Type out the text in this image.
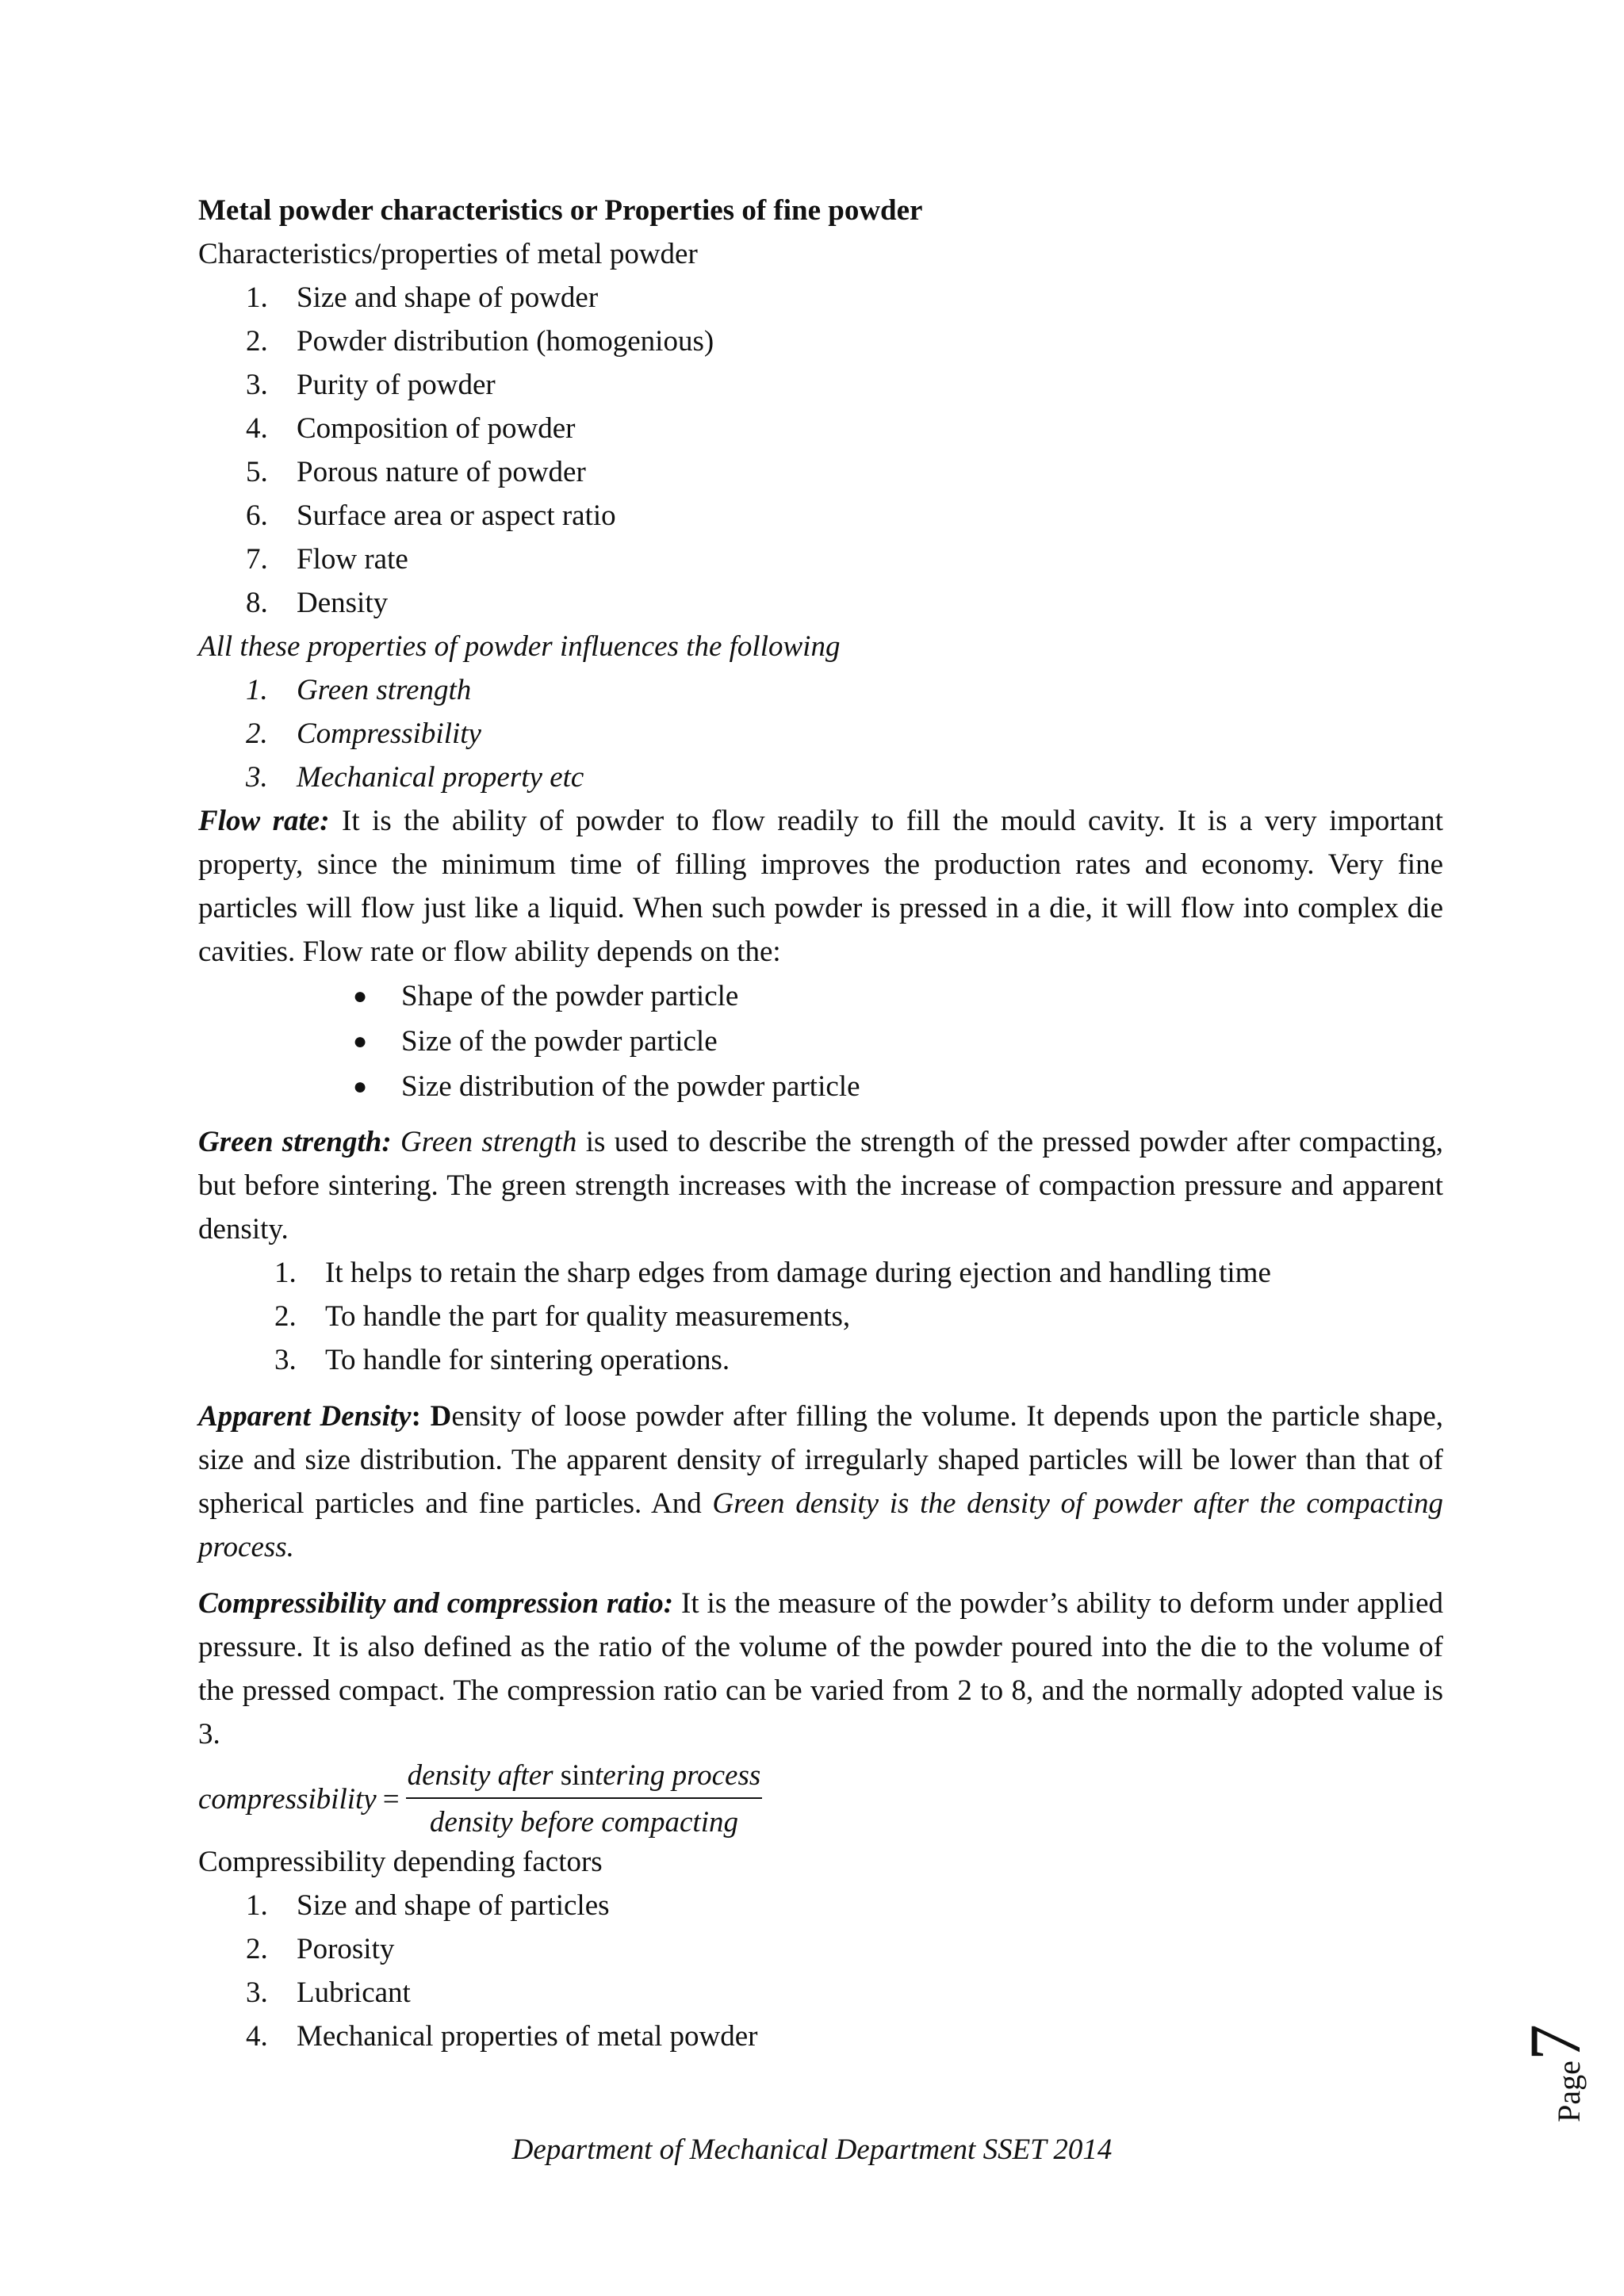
Metal powder characteristics or Properties of fine powder

Characteristics/properties of metal powder

1. Size and shape of powder
2. Powder distribution (homogenious)
3. Purity of powder
4. Composition of powder
5. Porous nature of powder
6. Surface area or aspect ratio
7. Flow rate
8. Density

All these properties of powder influences the following

1. Green strength
2. Compressibility
3. Mechanical property etc

Flow rate: It is the ability of powder to flow readily to fill the mould cavity. It is a very important property, since the minimum time of filling improves the production rates and economy. Very fine particles will flow just like a liquid. When such powder is pressed in a die, it will flow into complex die cavities. Flow rate or flow ability depends on the:

● Shape of the powder particle
● Size of the powder particle
● Size distribution of the powder particle

Green strength: Green strength is used to describe the strength of the pressed powder after compacting, but before sintering. The green strength increases with the increase of compaction pressure and apparent density.

1. It helps to retain the sharp edges from damage during ejection and handling time
2. To handle the part for quality measurements,
3. To handle for sintering operations.

Apparent Density: Density of loose powder after filling the volume. It depends upon the particle shape, size and size distribution. The apparent density of irregularly shaped particles will be lower than that of spherical particles and fine particles. And Green density is the density of powder after the compacting process.

Compressibility and compression ratio: It is the measure of the powder’s ability to deform under applied pressure. It is also defined as the ratio of the volume of the powder poured into the die to the volume of the pressed compact. The compression ratio can be varied from 2 to 8, and the normally adopted value is 3.

compressibility = $\frac{\text{density after sintering process}}{\text{density before compacting}}$

Compressibility depending factors

1. Size and shape of particles
2. Porosity
3. Lubricant
4. Mechanical properties of metal powder
Page
7
Department of Mechanical Department SSET 2014
